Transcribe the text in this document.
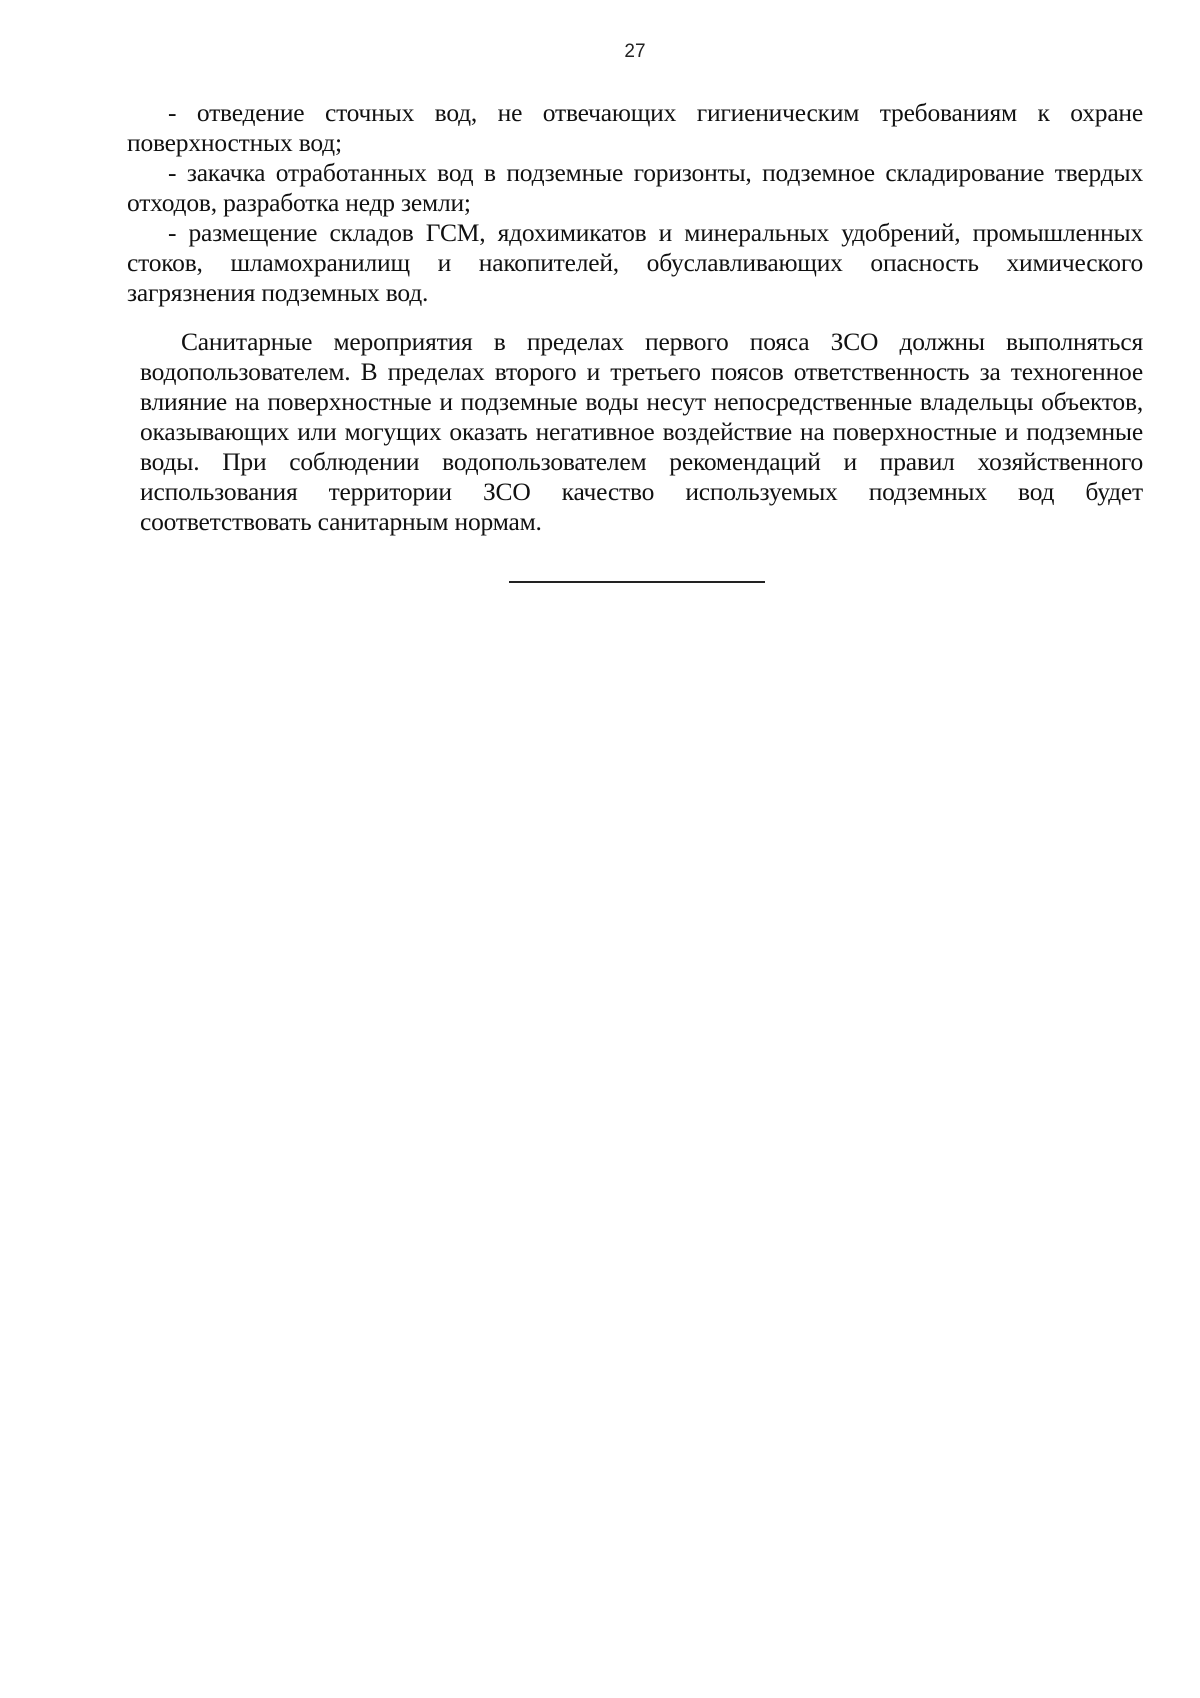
27

- отведение сточных вод, не отвечающих гигиеническим требованиям к охране поверхностных вод;

- закачка отработанных вод в подземные горизонты, подземное складирование твердых отходов, разработка недр земли;

- размещение складов ГСМ, ядохимикатов и минеральных удобрений, промышленных стоков, шламохранилищ и накопителей, обуславливающих опасность химического загрязнения подземных вод.

Санитарные мероприятия в пределах первого пояса ЗСО должны выполняться водопользователем. В пределах второго и третьего поясов ответственность за техногенное влияние на поверхностные и подземные воды несут непосредственные владельцы объектов, оказывающих или могущих оказать негативное воздействие на поверхностные и подземные воды. При соблюдении водопользователем рекомендаций и правил хозяйственного использования территории ЗСО качество используемых подземных вод будет соответствовать санитарным нормам.
